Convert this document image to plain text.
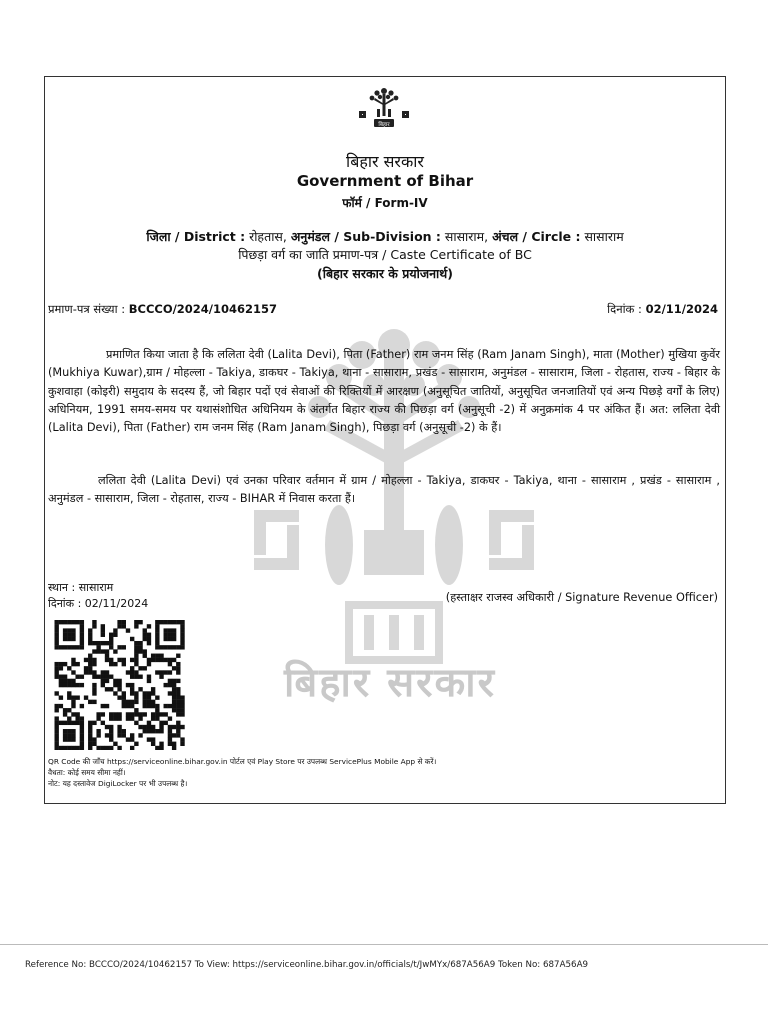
बिहार
बिहार सरकार
बिहार सरकार
Government of Bihar
फॉर्म / Form-IV
जिला / District : रोहतास, अनुमंडल / Sub-Division : सासाराम, अंचल / Circle : सासाराम
पिछड़ा वर्ग का जाति प्रमाण-पत्र / Caste Certificate of BC
(बिहार सरकार के प्रयोजनार्थ)
प्रमाण-पत्र संख्या : BCCCO/2024/10462157	दिनांक : 02/11/2024
प्रमाणित किया जाता है कि ललिता देवी (Lalita Devi), पिता (Father) राम जनम सिंह (Ram Janam Singh), माता (Mother) मुखिया कुवेंर (Mukhiya Kuwar),ग्राम / मोहल्ला - Takiya, डाकघर - Takiya, थाना - सासाराम, प्रखंड - सासाराम, अनुमंडल - सासाराम, जिला - रोहतास, राज्य - बिहार के कुशवाहा (कोइरी) समुदाय के सदस्य हैं, जो बिहार पदों एवं सेवाओं की रिक्तियों में आरक्षण (अनुसूचित जातियों, अनुसूचित जनजातियों एवं अन्य पिछड़े वर्गों के लिए) अधिनियम, 1991 समय-समय पर यथासंशोधित अधिनियम के अंतर्गत बिहार राज्य की पिछड़ा वर्ग (अनुसूची -2) में अनुक्रमांक 4 पर अंकित हैं। अत: ललिता देवी (Lalita Devi), पिता (Father) राम जनम सिंह (Ram Janam Singh), पिछड़ा वर्ग (अनुसूची -2) के हैं।
ललिता देवी (Lalita Devi) एवं उनका परिवार वर्तमान में ग्राम / मोहल्ला - Takiya, डाकघर - Takiya, थाना - सासाराम , प्रखंड - सासाराम , अनुमंडल - सासाराम, जिला - रोहतास, राज्य - BIHAR में निवास करता हैं।
स्थान : सासाराम
दिनांक : 02/11/2024	(हस्ताक्षर राजस्व अधिकारी / Signature Revenue Officer)
QR Code की जाँच https://serviceonline.bihar.gov.in पोर्टल एवं Play Store पर उपलब्ध ServicePlus Mobile App से करें।
वैधता: कोई समय सीमा नहीं।
नोट: यह दस्तावेज DigiLocker पर भी उपलब्ध है।
Reference No: BCCCO/2024/10462157 To View: https://serviceonline.bihar.gov.in/officials/t/JwMYx/687A56A9 Token No: 687A56A9
